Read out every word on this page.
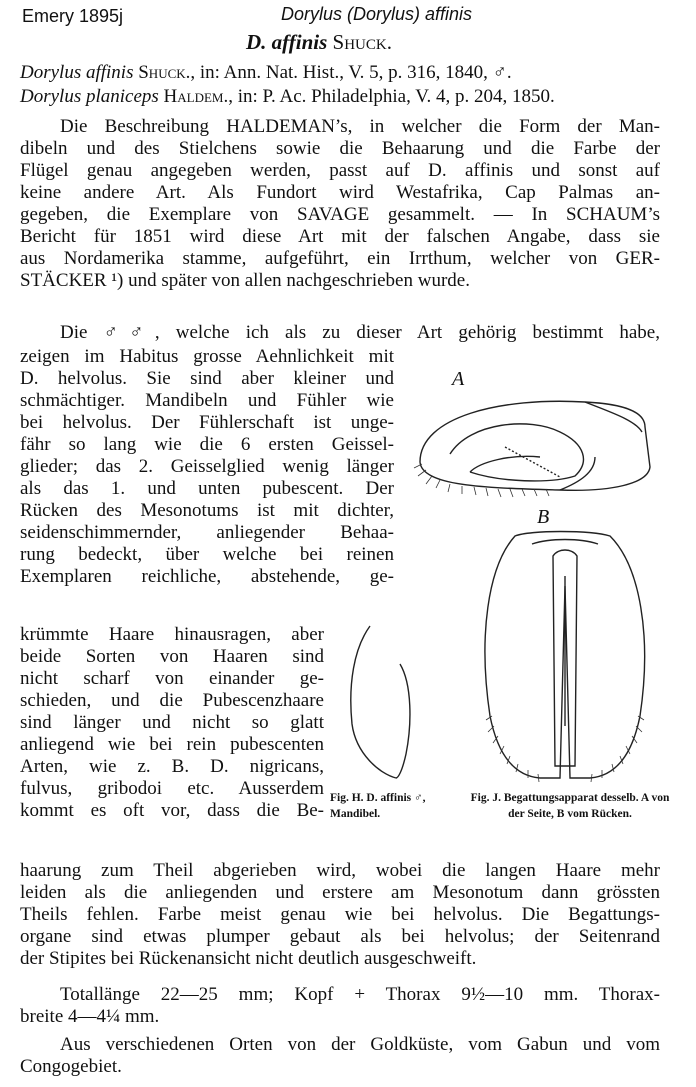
Emery 1895j	Dorylus (Dorylus) affinis
D. affinis Shuck.
Dorylus affinis Shuck., in: Ann. Nat. Hist., V. 5, p. 316, 1840, ♂.
Dorylus planiceps Haldem., in: P. Ac. Philadelphia, V. 4, p. 204, 1850.
Die Beschreibung HALDEMAN’s, in welcher die Form der Man-
dibeln und des Stielchens sowie die Behaarung und die Farbe der
Flügel genau angegeben werden, passt auf D. affinis und sonst auf
keine andere Art. Als Fundort wird Westafrika, Cap Palmas an-
gegeben, die Exemplare von SAVAGE gesammelt. — In SCHAUM’s
Bericht für 1851 wird diese Art mit der falschen Angabe, dass sie
aus Nordamerika stamme, aufgeführt, ein Irrthum, welcher von GER-
STÄCKER ¹) und später von allen nachgeschrieben wurde.
Die ♂♂, welche ich als zu dieser Art gehörig bestimmt habe,
zeigen im Habitus grosse Aehnlichkeit mit
D. helvolus. Sie sind aber kleiner und
schmächtiger. Mandibeln und Fühler wie
bei helvolus. Der Fühlerschaft ist unge-
fähr so lang wie die 6 ersten Geissel-
glieder; das 2. Geisselglied wenig länger
als das 1. und unten pubescent. Der
Rücken des Mesonotums ist mit dichter,
seidenschimmernder, anliegender Behaa-
rung bedeckt, über welche bei reinen
Exemplaren reichliche, abstehende, ge-
krümmte Haare hinausragen, aber
beide Sorten von Haaren sind
nicht scharf von einander ge-
schieden, und die Pubescenzhaare
sind länger und nicht so glatt
anliegend wie bei rein pubescenten
Arten, wie z. B. D. nigricans,
fulvus, gribodoi etc. Ausserdem
kommt es oft vor, dass die Be-
haarung zum Theil abgerieben wird, wobei die langen Haare mehr
leiden als die anliegenden und erstere am Mesonotum dann grössten
Theils fehlen. Farbe meist genau wie bei helvolus. Die Begattungs-
organe sind etwas plumper gebaut als bei helvolus; der Seitenrand
der Stipites bei Rückenansicht nicht deutlich ausgeschweift.
Totallänge 22—25 mm; Kopf + Thorax 9½—10 mm. Thorax-
breite 4—4¼ mm.
Aus verschiedenen Orten von der Goldküste, vom Gabun und vom
Congogebiet.
A
B
Fig. H. D. affinis ♂, Mandibel.
Fig. J. Begattungsapparat desselb. A von der Seite, B vom Rücken.
